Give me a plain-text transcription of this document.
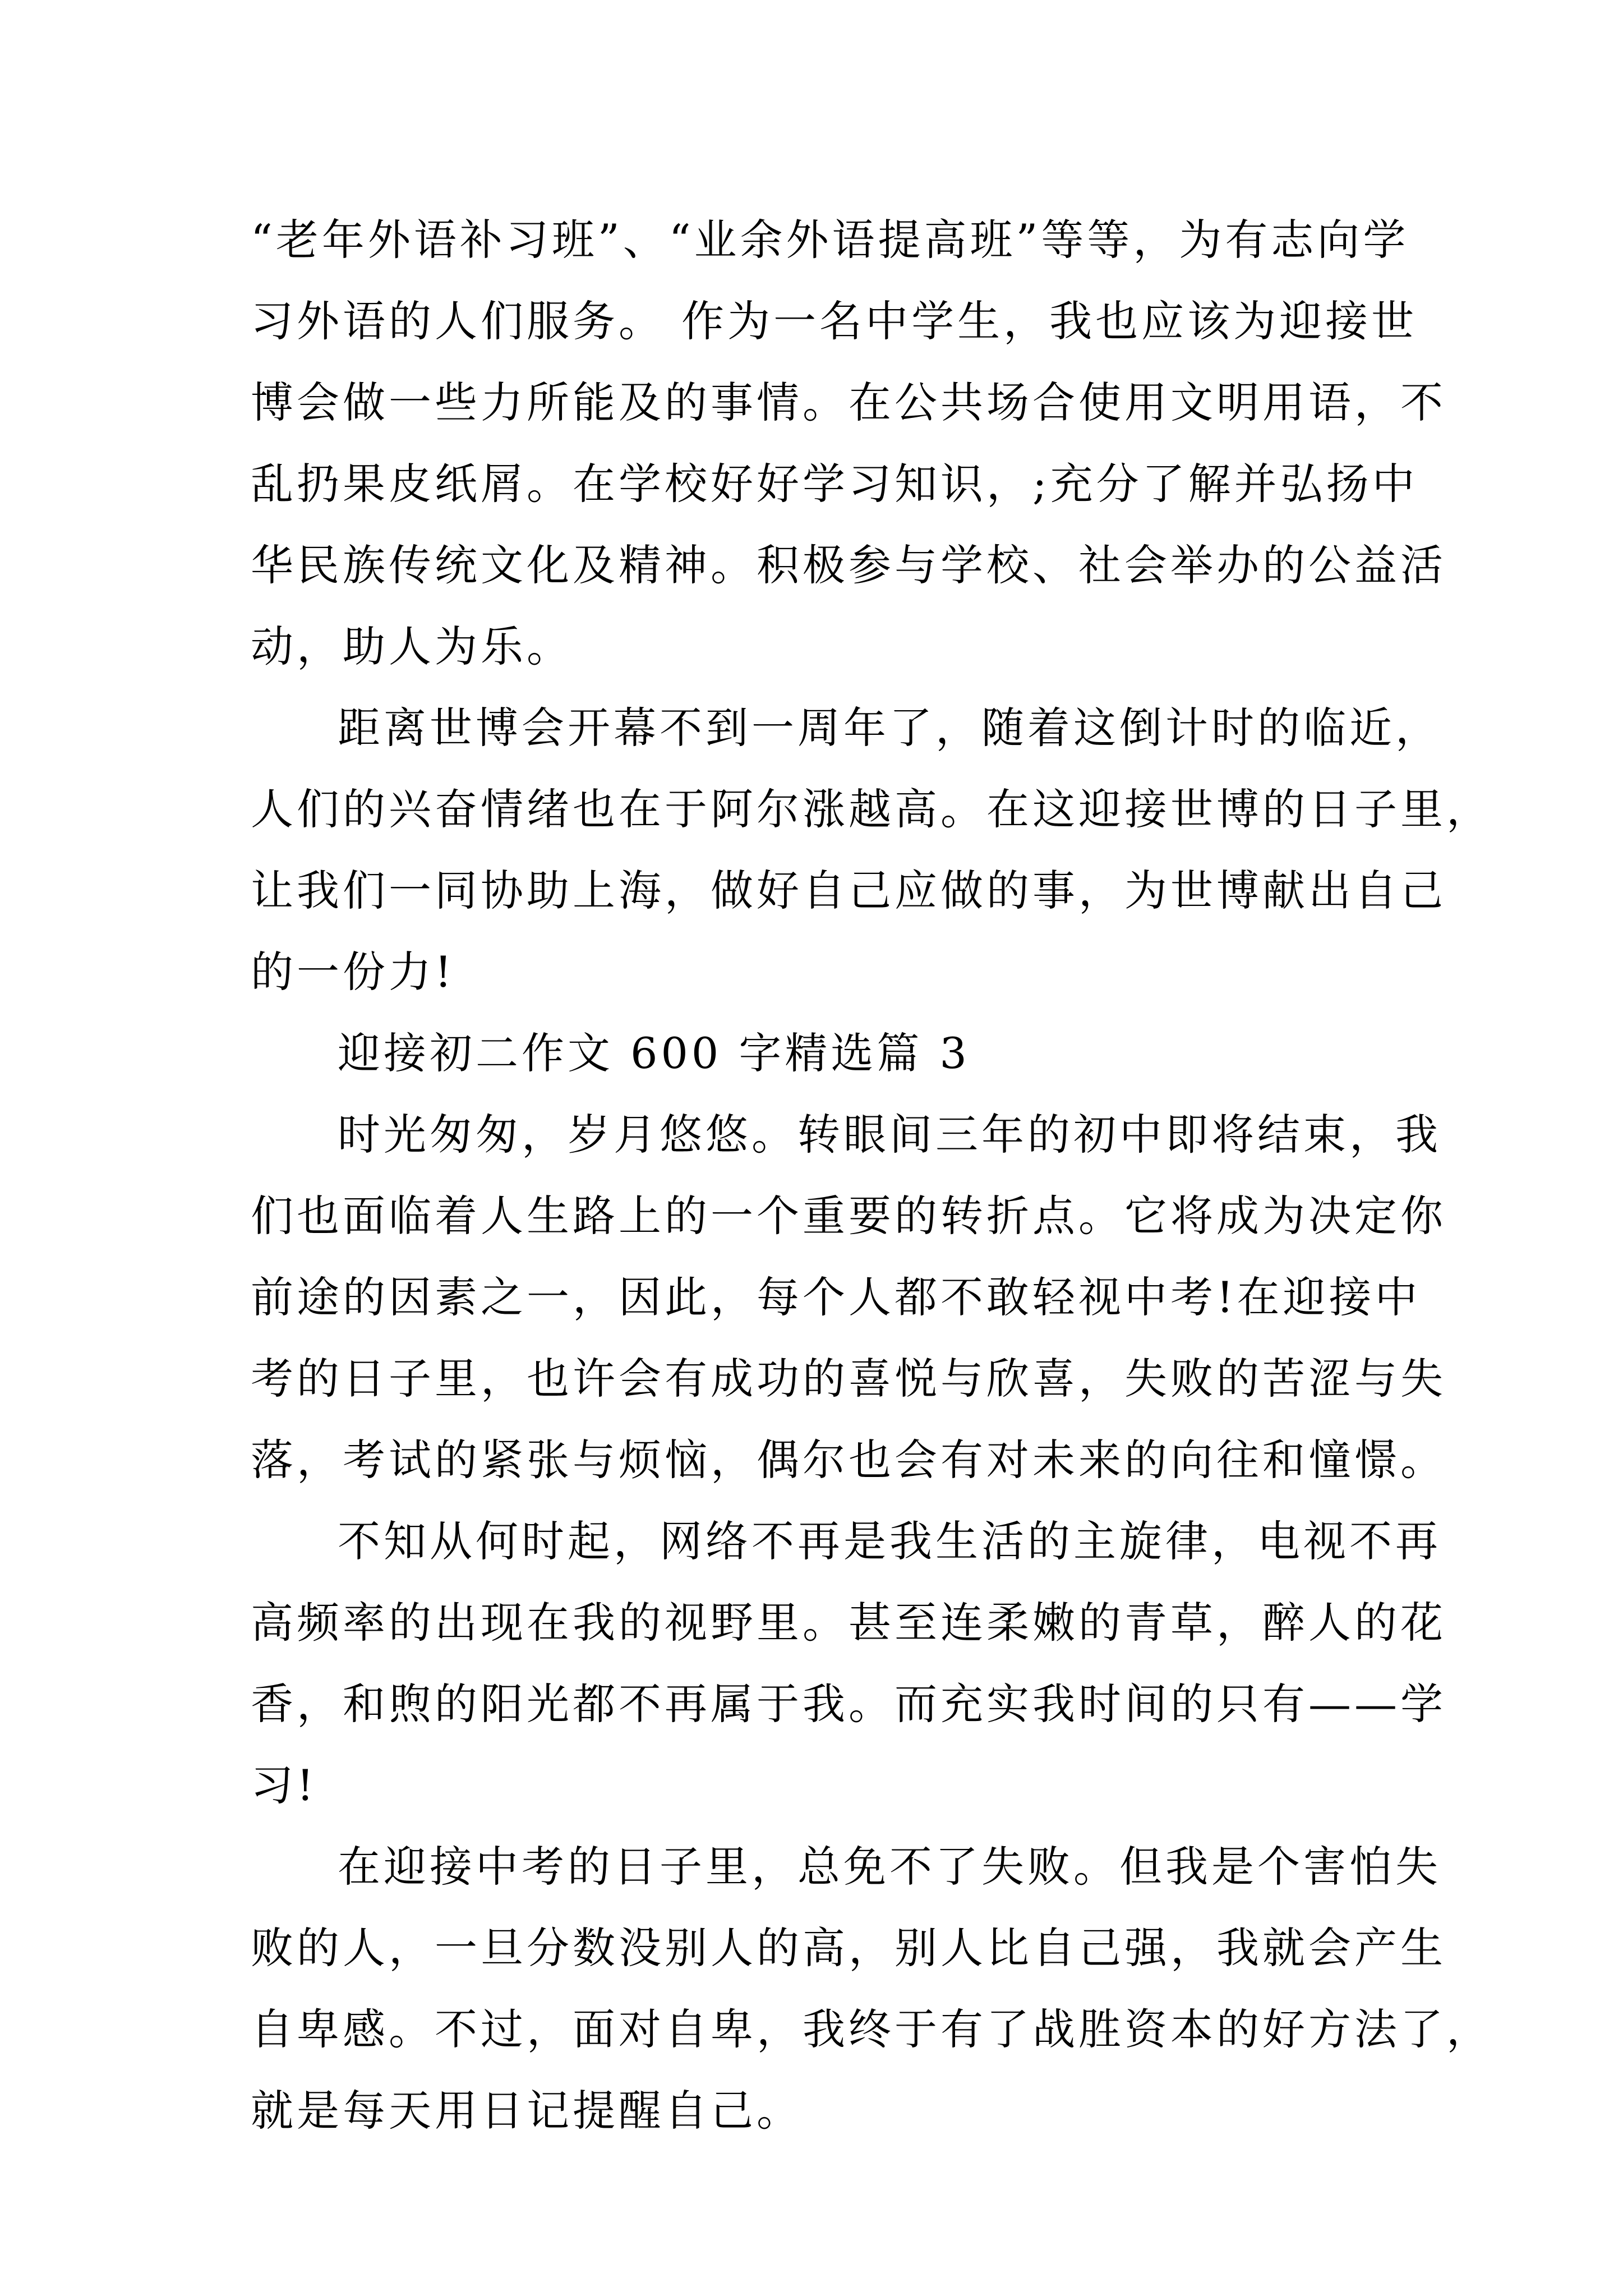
“老年外语补习班”、“业余外语提高班”等等，为有志向学
习外语的人们服务。 作为一名中学生，我也应该为迎接世
博会做一些力所能及的事情。在公共场合使用文明用语，不
乱扔果皮纸屑。在学校好好学习知识，;充分了解并弘扬中
华民族传统文化及精神。积极参与学校、社会举办的公益活
动，助人为乐。
距离世博会开幕不到一周年了，随着这倒计时的临近，
人们的兴奋情绪也在于阿尔涨越高。在这迎接世博的日子里，
让我们一同协助上海，做好自己应做的事，为世博献出自己
的一份力!
迎接初二作文 600 字精选篇 3
时光匆匆，岁月悠悠。转眼间三年的初中即将结束，我
们也面临着人生路上的一个重要的转折点。它将成为决定你
前途的因素之一，因此，每个人都不敢轻视中考!在迎接中
考的日子里，也许会有成功的喜悦与欣喜，失败的苦涩与失
落，考试的紧张与烦恼，偶尔也会有对未来的向往和憧憬。
不知从何时起，网络不再是我生活的主旋律，电视不再
高频率的出现在我的视野里。甚至连柔嫩的青草，醉人的花
香，和煦的阳光都不再属于我。而充实我时间的只有——学
习!
在迎接中考的日子里，总免不了失败。但我是个害怕失
败的人，一旦分数没别人的高，别人比自己强，我就会产生
自卑感。不过，面对自卑，我终于有了战胜资本的好方法了，
就是每天用日记提醒自己。
